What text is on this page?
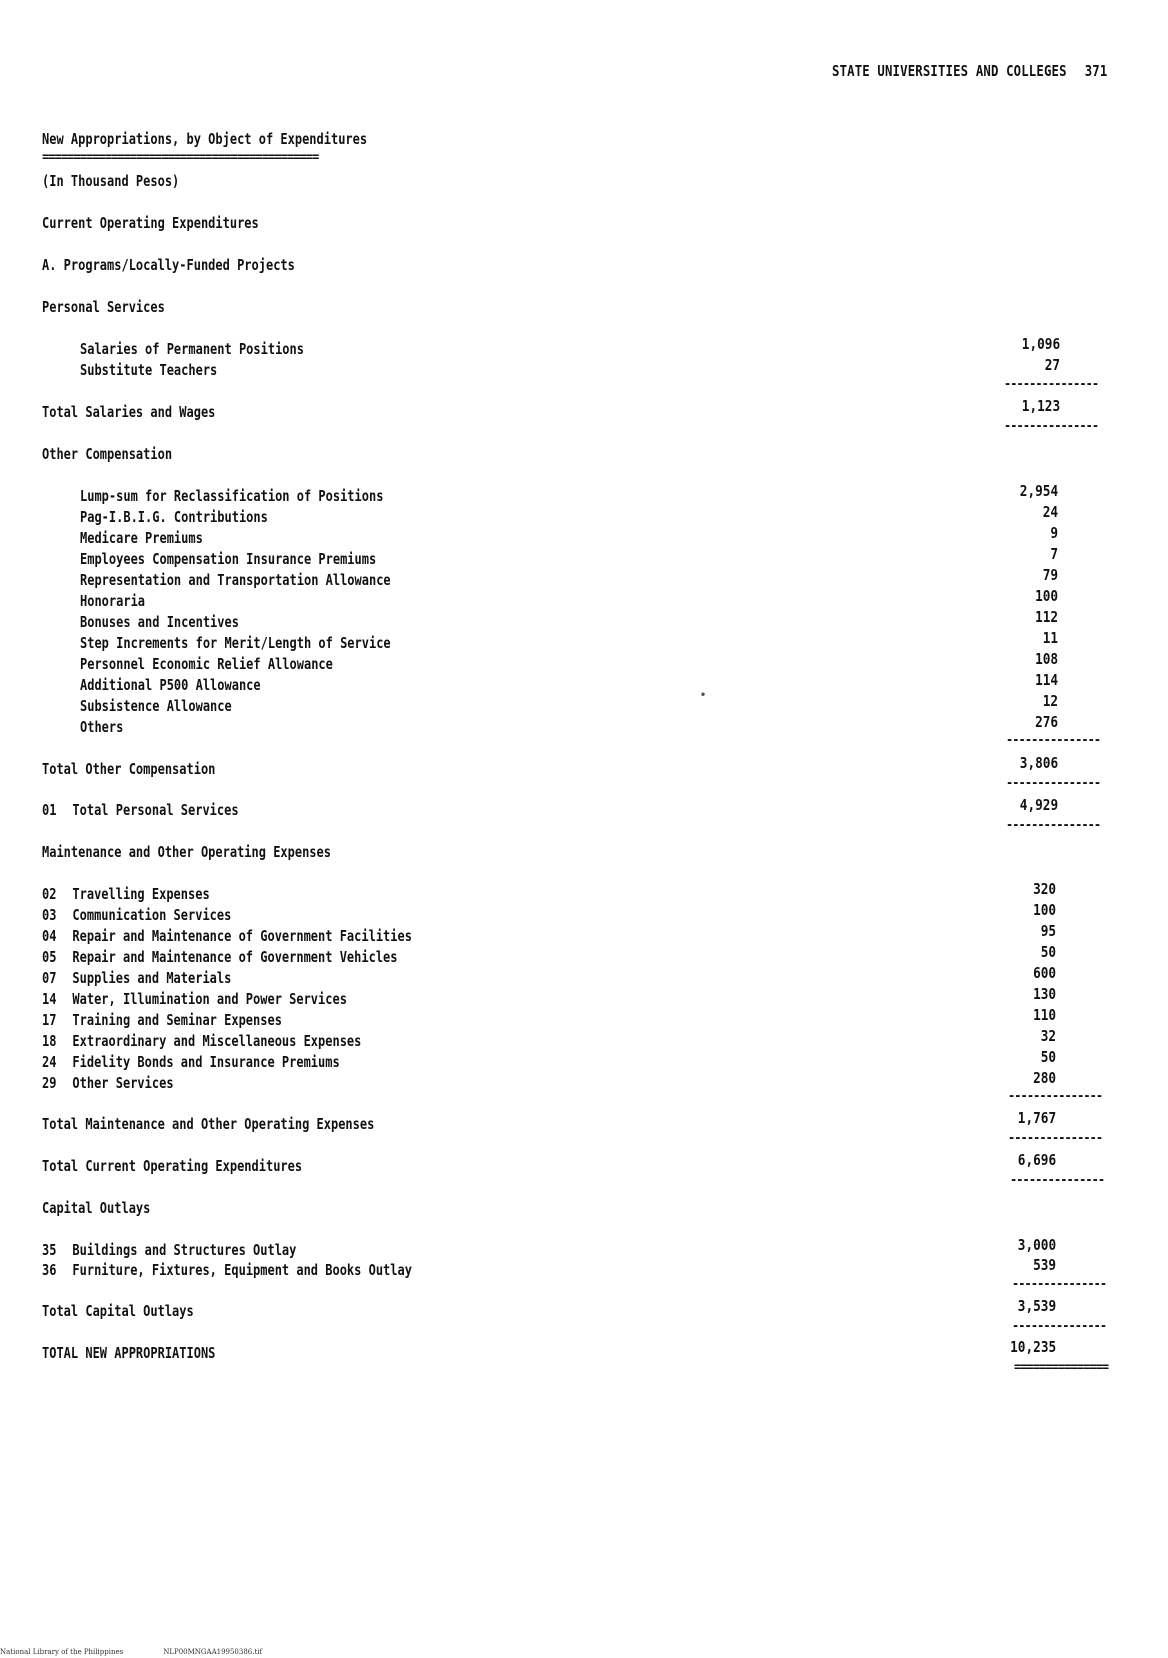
STATE UNIVERSITIES AND COLLEGES 371
New Appropriations, by Object of Expenditures
============================================
(In Thousand Pesos)
Current Operating Expenditures
A. Programs/Locally-Funded Projects
Personal Services
Salaries of Permanent Positions	1,096
Substitute Teachers	27
---------------
Total Salaries and Wages	1,123
---------------
Other Compensation
Lump-sum for Reclassification of Positions	2,954
Pag-I.B.I.G. Contributions	24
Medicare Premiums	9
Employees Compensation Insurance Premiums	7
Representation and Transportation Allowance	79
Honoraria	100
Bonuses and Incentives	112
Step Increments for Merit/Length of Service	11
Personnel Economic Relief Allowance	108
Additional P500 Allowance	114
Subsistence Allowance	12
Others	276
---------------
Total Other Compensation	3,806
---------------
01 Total Personal Services	4,929
---------------
Maintenance and Other Operating Expenses
02 Travelling Expenses	320
03 Communication Services	100
04 Repair and Maintenance of Government Facilities	95
05 Repair and Maintenance of Government Vehicles	50
07 Supplies and Materials	600
14 Water, Illumination and Power Services	130
17 Training and Seminar Expenses	110
18 Extraordinary and Miscellaneous Expenses	32
24 Fidelity Bonds and Insurance Premiums	50
29 Other Services	280
---------------
Total Maintenance and Other Operating Expenses	1,767
---------------
Total Current Operating Expenditures	6,696
---------------
Capital Outlays
35 Buildings and Structures Outlay	3,000
36 Furniture, Fixtures, Equipment and Books Outlay	539
---------------
Total Capital Outlays	3,539
---------------
TOTAL NEW APPROPRIATIONS	10,235
===============
•
National Library of the Philippines	NLP00MNGAA19950386.tif
